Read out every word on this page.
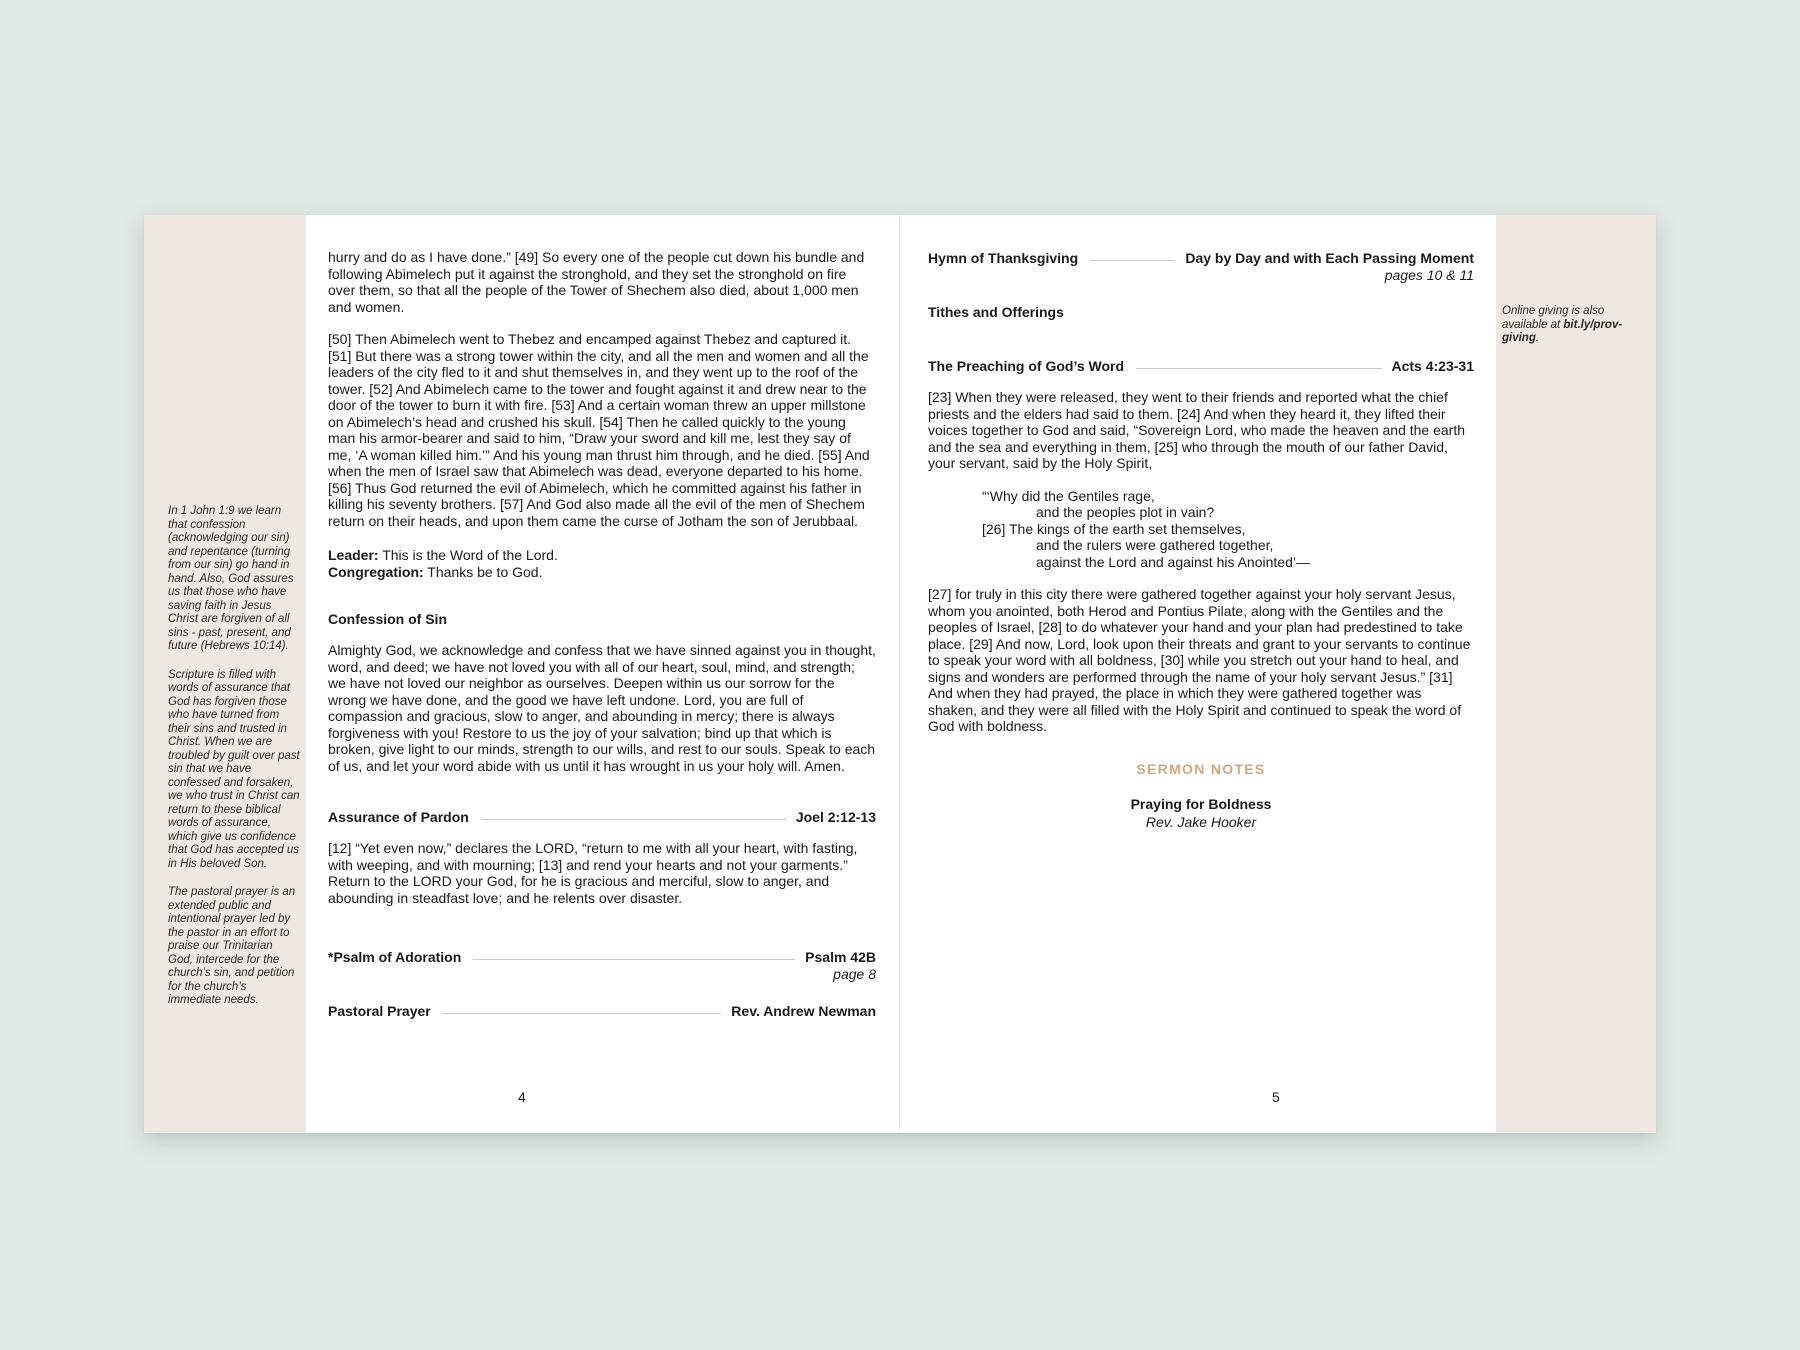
In 1 John 1:9 we learn that confession (acknowledging our sin) and repentance (turning from our sin) go hand in hand. Also, God assures us that those who have saving faith in Jesus Christ are forgiven of all sins - past, present, and future (Hebrews 10:14).

Scripture is filled with words of assurance that God has forgiven those who have turned from their sins and trusted in Christ. When we are troubled by guilt over past sin that we have confessed and forsaken, we who trust in Christ can return to these biblical words of assurance, which give us confidence that God has accepted us in His beloved Son.

The pastoral prayer is an extended public and intentional prayer led by the pastor in an effort to praise our Trinitarian God, intercede for the church’s sin, and petition for the church’s immediate needs.

Online giving is also available at bit.ly/prov-giving.

hurry and do as I have done.” [49] So every one of the people cut down his bundle and following Abimelech put it against the stronghold, and they set the stronghold on fire over them, so that all the people of the Tower of Shechem also died, about 1,000 men and women.

[50] Then Abimelech went to Thebez and encamped against Thebez and captured it. [51] But there was a strong tower within the city, and all the men and women and all the leaders of the city fled to it and shut themselves in, and they went up to the roof of the tower. [52] And Abimelech came to the tower and fought against it and drew near to the door of the tower to burn it with fire. [53] And a certain woman threw an upper millstone on Abimelech’s head and crushed his skull. [54] Then he called quickly to the young man his armor-bearer and said to him, “Draw your sword and kill me, lest they say of me, ‘A woman killed him.’” And his young man thrust him through, and he died. [55] And when the men of Israel saw that Abimelech was dead, everyone departed to his home. [56] Thus God returned the evil of Abimelech, which he committed against his father in killing his seventy brothers. [57] And God also made all the evil of the men of Shechem return on their heads, and upon them came the curse of Jotham the son of Jerubbaal.

Leader: This is the Word of the Lord.

Congregation: Thanks be to God.

Confession of Sin

Almighty God, we acknowledge and confess that we have sinned against you in thought, word, and deed; we have not loved you with all of our heart, soul, mind, and strength; we have not loved our neighbor as ourselves. Deepen within us our sorrow for the wrong we have done, and the good we have left undone. Lord, you are full of compassion and gracious, slow to anger, and abounding in mercy; there is always forgiveness with you! Restore to us the joy of your salvation; bind up that which is broken, give light to our minds, strength to our wills, and rest to our souls. Speak to each of us, and let your word abide with us until it has wrought in us your holy will. Amen.

Assurance of Pardon	Joel 2:12-13

[12] “Yet even now,” declares the LORD, “return to me with all your heart, with fasting, with weeping, and with mourning; [13] and rend your hearts and not your garments.” Return to the LORD your God, for he is gracious and merciful, slow to anger, and abounding in steadfast love; and he relents over disaster.

*Psalm of Adoration	Psalm 42B
page 8
Pastoral Prayer	Rev. Andrew Newman
4
Hymn of Thanksgiving	Day by Day and with Each Passing Moment
pages 10 & 11
Tithes and Offerings
The Preaching of God’s Word	Acts 4:23-31

[23] When they were released, they went to their friends and reported what the chief priests and the elders had said to them. [24] And when they heard it, they lifted their voices together to God and said, “Sovereign Lord, who made the heaven and the earth and the sea and everything in them, [25] who through the mouth of our father David, your servant, said by the Holy Spirit,

“‘Why did the Gentiles rage,
and the peoples plot in vain?
[26] The kings of the earth set themselves,
and the rulers were gathered together,
against the Lord and against his Anointed’—

[27] for truly in this city there were gathered together against your holy servant Jesus, whom you anointed, both Herod and Pontius Pilate, along with the Gentiles and the peoples of Israel, [28] to do whatever your hand and your plan had predestined to take place. [29] And now, Lord, look upon their threats and grant to your servants to continue to speak your word with all boldness, [30] while you stretch out your hand to heal, and signs and wonders are performed through the name of your holy servant Jesus.” [31] And when they had prayed, the place in which they were gathered together was shaken, and they were all filled with the Holy Spirit and continued to speak the word of God with boldness.

SERMON NOTES
Praying for Boldness
Rev. Jake Hooker
5
